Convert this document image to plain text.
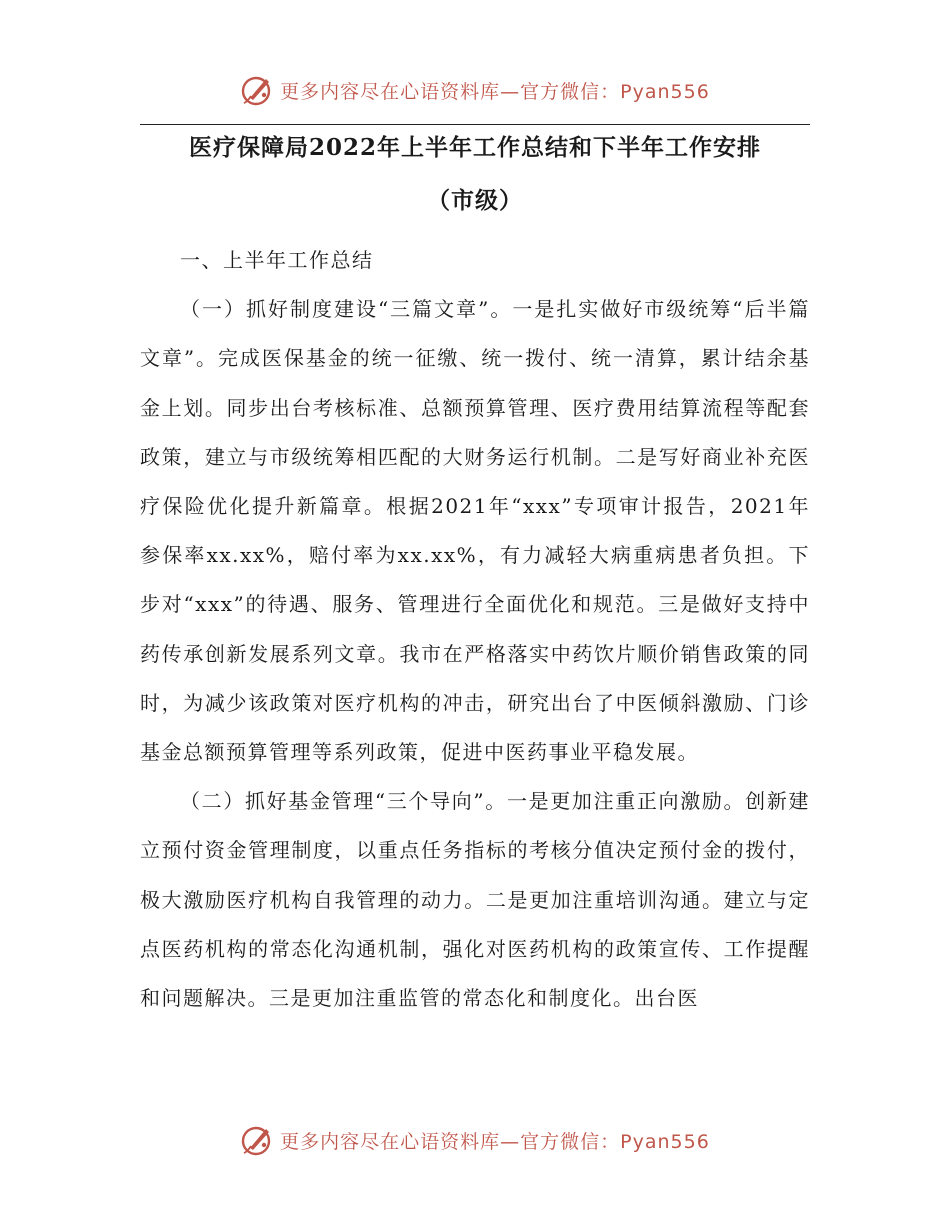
更多内容尽在心语资料库—官方微信：Pyan556
医疗保障局2022年上半年工作总结和下半年工作安排
（市级）

一、上半年工作总结

（一）抓好制度建设“三篇文章”。一是扎实做好市级统筹“后半篇文章”。完成医保基金的统一征缴、统一拨付、统一清算，累计结余基金上划。同步出台考核标准、总额预算管理、医疗费用结算流程等配套政策，建立与市级统筹相匹配的大财务运行机制。二是写好商业补充医疗保险优化提升新篇章。根据2021年“xxx”专项审计报告，2021年参保率xx.xx%，赔付率为xx.xx%，有力减轻大病重病患者负担。下步对“xxx”的待遇、服务、管理进行全面优化和规范。三是做好支持中药传承创新发展系列文章。我市在严格落实中药饮片顺价销售政策的同时，为减少该政策对医疗机构的冲击，研究出台了中医倾斜激励、门诊基金总额预算管理等系列政策，促进中医药事业平稳发展。

（二）抓好基金管理“三个导向”。一是更加注重正向激励。创新建立预付资金管理制度，以重点任务指标的考核分值决定预付金的拨付，极大激励医疗机构自我管理的动力。二是更加注重培训沟通。建立与定点医药机构的常态化沟通机制，强化对医药机构的政策宣传、工作提醒和问题解决。三是更加注重监管的常态化和制度化。出台医

更多内容尽在心语资料库—官方微信：Pyan556
